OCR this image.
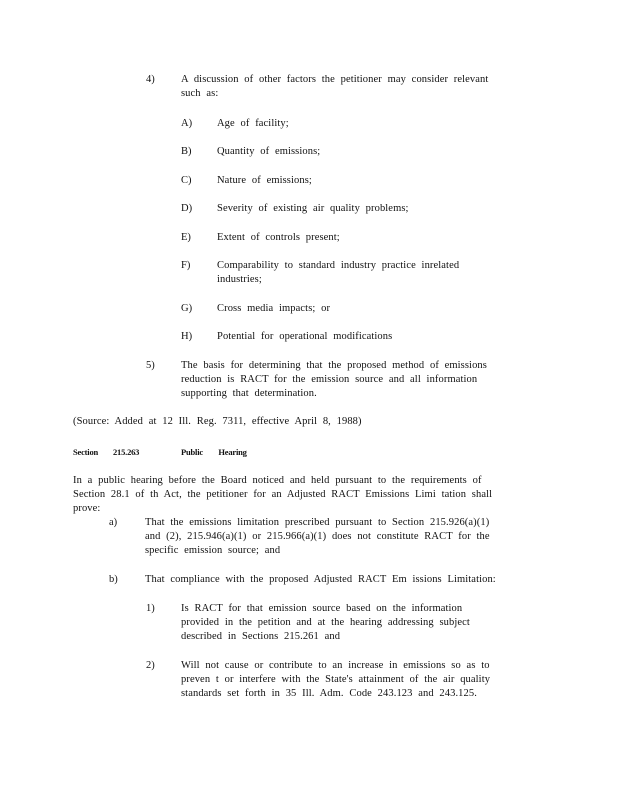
4)	A discussion of other factors the petitioner may consider relevant
such as:
A) Age of facility;
B) Quantity of emissions;
C) Nature of emissions;
D) Severity of existing air quality problems;
E) Extent of controls present;
F)	Comparability to standard industry practice inrelated
industries;
G) Cross media impacts; or
H) Potential for operational modifications
5)	The basis for determining that the proposed method of emissions
reduction is RACT for the emission source and all information
supporting that determination.
(Source: Added at 12 Ill. Reg. 7311, effective April 8, 1988)
Section 215.263	Public        Hearing
In a public hearing before the Board noticed and held pursuant to the requirements of
Section 28.1 of th Act, the petitioner for an Adjusted RACT Emissions Limi tation shall
prove:
a)	That the emissions limitation prescribed pursuant to Section 215.926(a)(1)
and (2), 215.946(a)(1) or 215.966(a)(1) does not constitute RACT for the
specific emission source; and
b)	That compliance with the proposed Adjusted RACT Em issions Limitation:
1)	Is RACT for that emission source based on the information
provided in the petition and at the hearing addressing subject
described in Sections 215.261 and
2)	Will not cause or contribute to an increase in emissions so as to
preven t or interfere with the State's attainment of the air quality
standards set forth in 35 Ill. Adm. Code 243.123 and 243.125.
